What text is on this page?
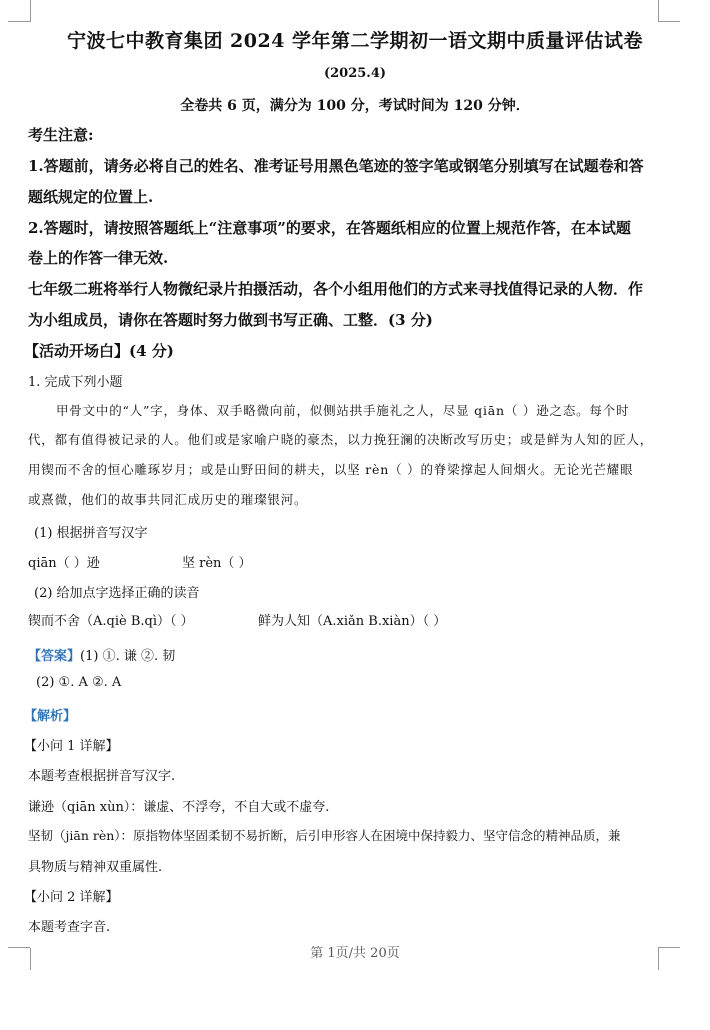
宁波七中教育集团 2024 学年第二学期初一语文期中质量评估试卷
(2025.4)
全卷共 6 页，满分为 100 分，考试时间为 120 分钟．
考生注意:
1.答题前，请务必将自己的姓名、准考证号用黑色笔迹的签字笔或钢笔分别填写在试题卷和答
题纸规定的位置上.
2.答题时，请按照答题纸上“注意事项”的要求，在答题纸相应的位置上规范作答，在本试题
卷上的作答一律无效.
七年级二班将举行人物微纪录片拍摄活动，各个小组用他们的方式来寻找值得记录的人物．作
为小组成员，请你在答题时努力做到书写正确、工整．(3 分)
【活动开场白】(4 分)
1. 完成下列小题
甲骨文中的“人”字，身体、双手略微向前，似侧站拱手施礼之人，尽显 qiān（ ）逊之态。每个时
代，都有值得被记录的人。他们或是家喻户晓的豪杰，以力挽狂澜的决断改写历史；或是鲜为人知的匠人，
用锲而不舍的恒心雕琢岁月；或是山野田间的耕夫，以坚 rèn（ ）的脊梁撑起人间烟火。无论光芒耀眼
或熹微，他们的故事共同汇成历史的璀璨银河。
(1) 根据拼音写汉字
qiān（ ）逊	坚 rèn（ ）
(2) 给加点字选择正确的读音
锲而不舍（A.qiè B.qì）（ ）	鲜为人知（A.xiǎn B.xiàn）（ ）
【答案】(1) ①. 谦 ②. 韧
(2) ①. A ②. A
【解析】
【小问 1 详解】
本题考查根据拼音写汉字.
谦逊（qiān xùn）：谦虚、不浮夸，不自大或不虚夸.
坚韧（jiān rèn）：原指物体坚固柔韧不易折断，后引申形容人在困境中保持毅力、坚守信念的精神品质，兼
具物质与精神双重属性.
【小问 2 详解】
本题考查字音.
第 1页/共 20页
